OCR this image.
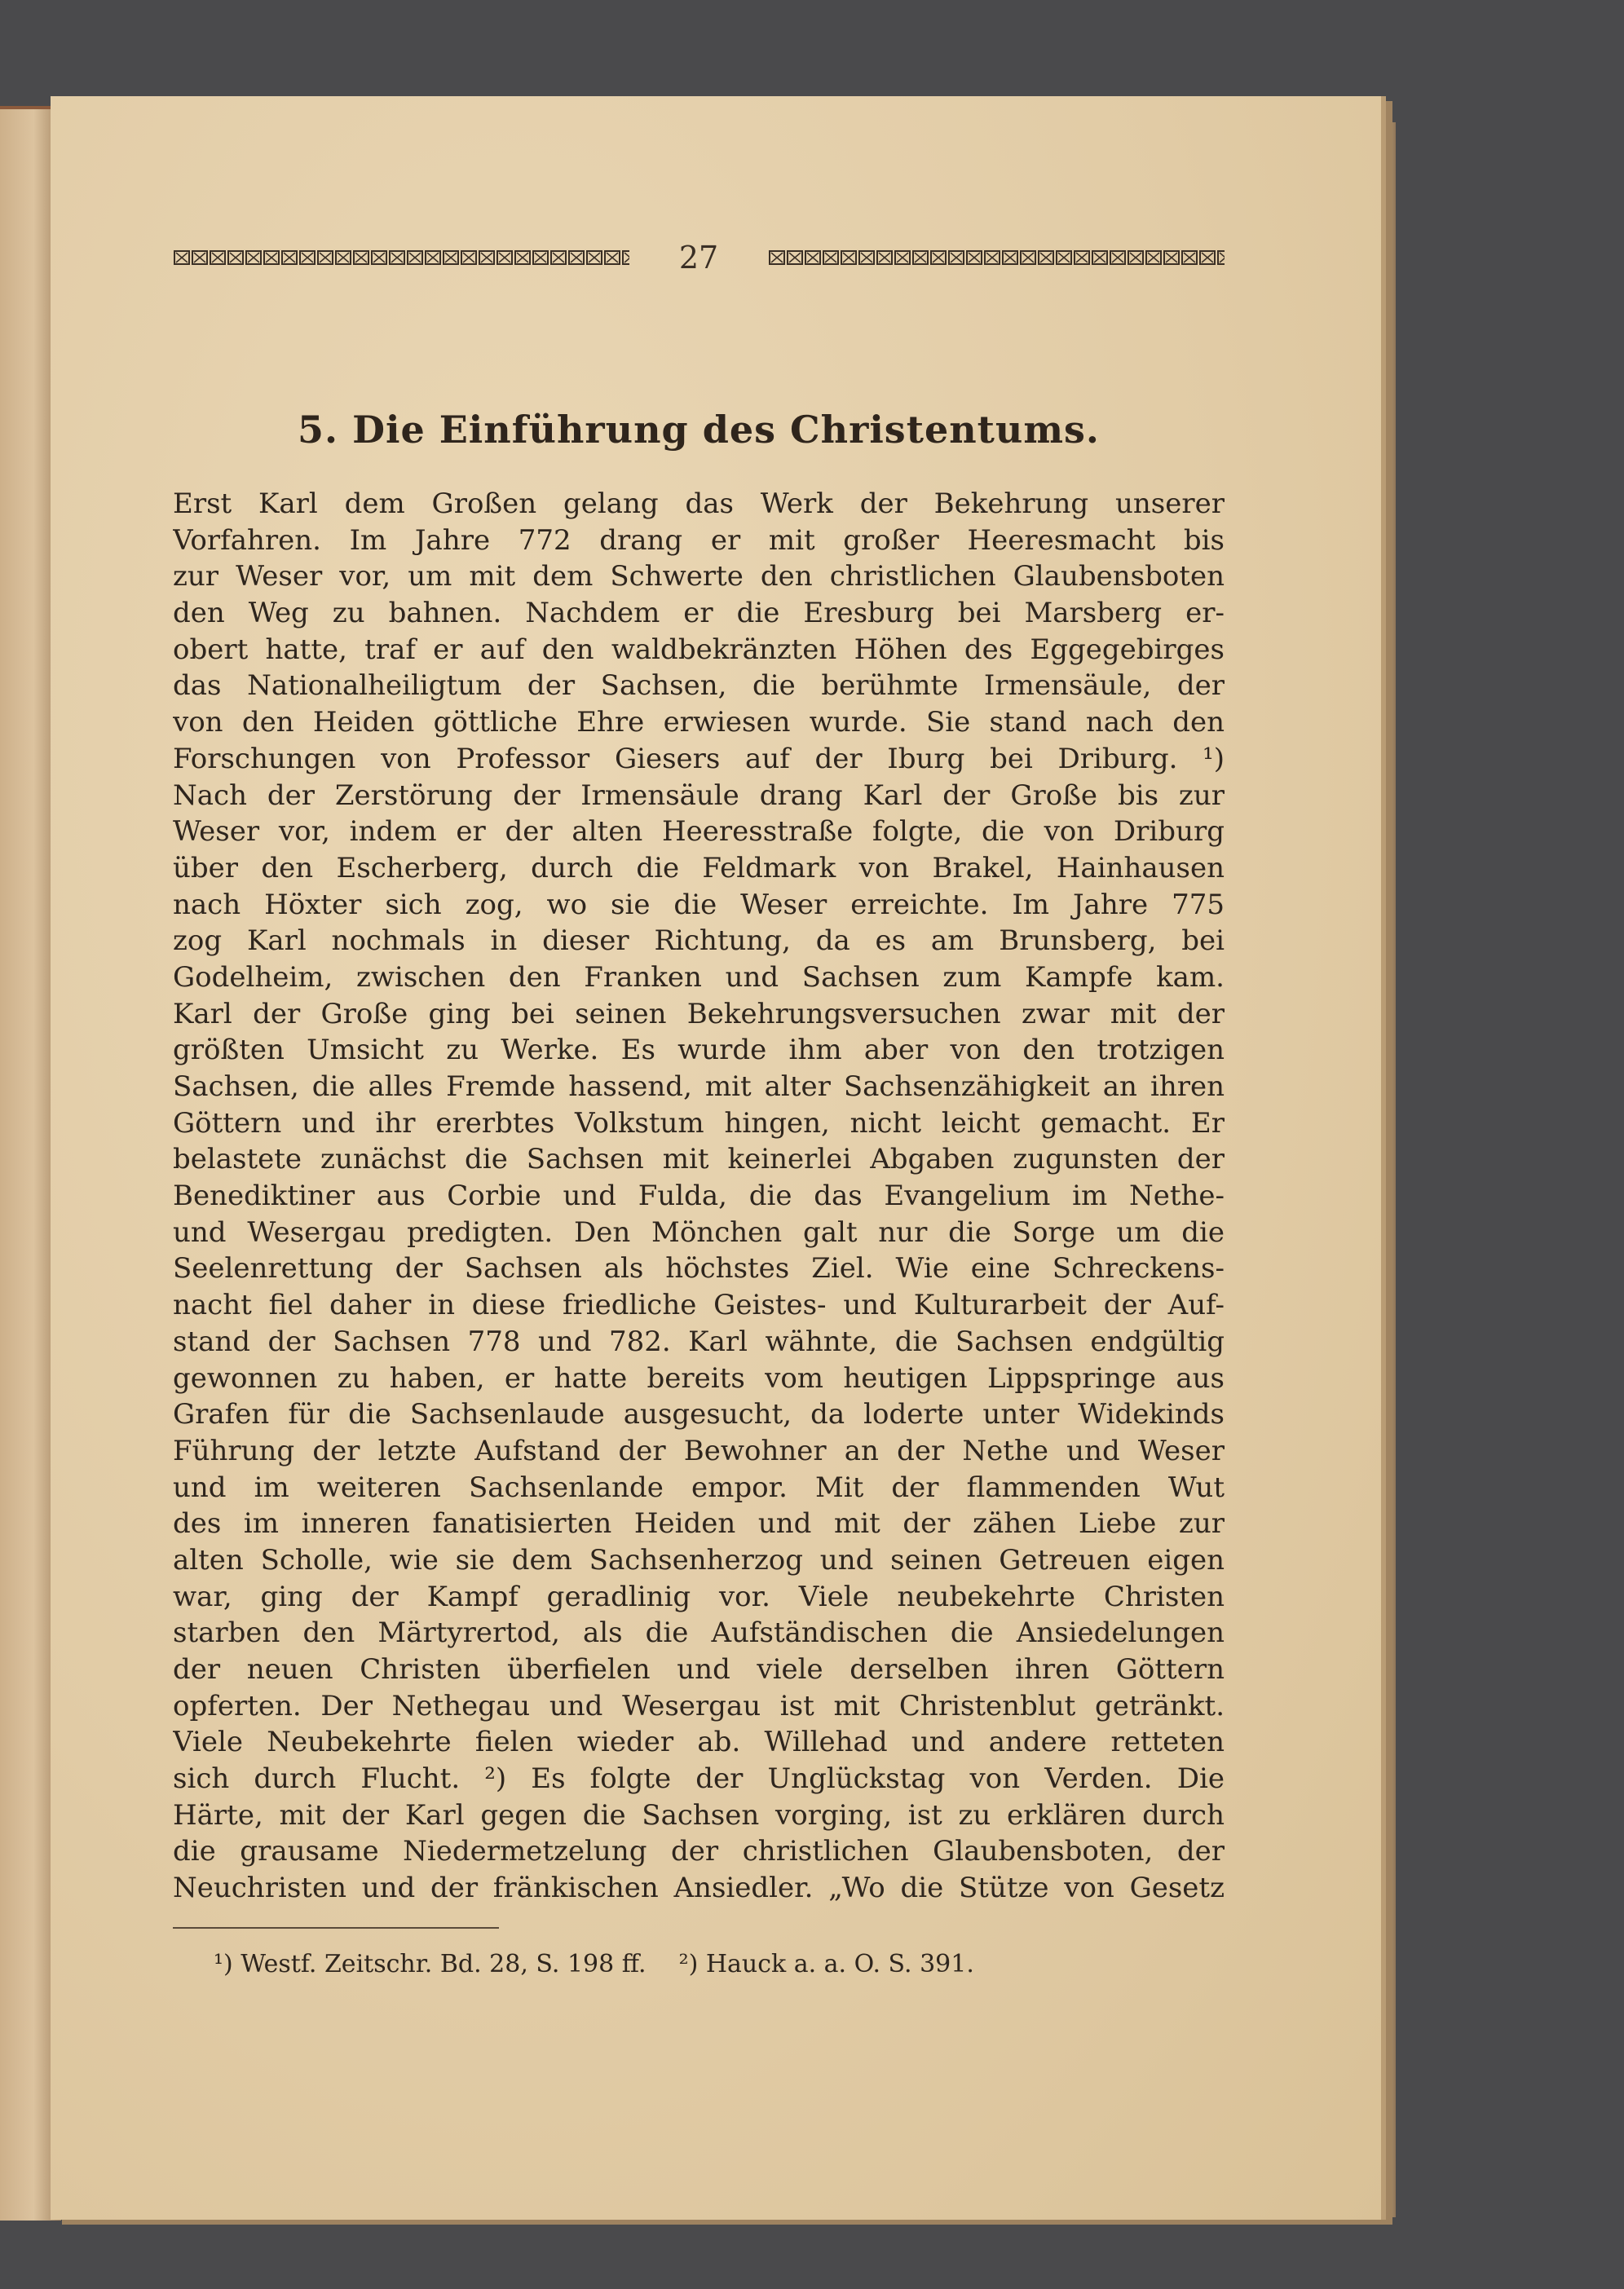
27
5. Die Einführung des Christentums.
Erst Karl dem Großen gelang das Werk der Bekehrung unserer
Vorfahren. Im Jahre 772 drang er mit großer Heeresmacht bis
zur Weser vor, um mit dem Schwerte den christlichen Glaubensboten
den Weg zu bahnen. Nachdem er die Eresburg bei Marsberg er-
obert hatte, traf er auf den waldbekränzten Höhen des Eggegebirges
das Nationalheiligtum der Sachsen, die berühmte Irmensäule, der
von den Heiden göttliche Ehre erwiesen wurde. Sie stand nach den
Forschungen von Professor Giesers auf der Iburg bei Driburg. ¹)
Nach der Zerstörung der Irmensäule drang Karl der Große bis zur
Weser vor, indem er der alten Heeresstraße folgte, die von Driburg
über den Escherberg, durch die Feldmark von Brakel, Hainhausen
nach Höxter sich zog, wo sie die Weser erreichte. Im Jahre 775
zog Karl nochmals in dieser Richtung, da es am Brunsberg, bei
Godelheim, zwischen den Franken und Sachsen zum Kampfe kam.
Karl der Große ging bei seinen Bekehrungsversuchen zwar mit der
größten Umsicht zu Werke. Es wurde ihm aber von den trotzigen
Sachsen, die alles Fremde hassend, mit alter Sachsenzähigkeit an ihren
Göttern und ihr ererbtes Volkstum hingen, nicht leicht gemacht. Er
belastete zunächst die Sachsen mit keinerlei Abgaben zugunsten der
Benediktiner aus Corbie und Fulda, die das Evangelium im Nethe-
und Wesergau predigten. Den Mönchen galt nur die Sorge um die
Seelenrettung der Sachsen als höchstes Ziel. Wie eine Schreckens-
nacht fiel daher in diese friedliche Geistes- und Kulturarbeit der Auf-
stand der Sachsen 778 und 782. Karl wähnte, die Sachsen endgültig
gewonnen zu haben, er hatte bereits vom heutigen Lippspringe aus
Grafen für die Sachsenlaude ausgesucht, da loderte unter Widekinds
Führung der letzte Aufstand der Bewohner an der Nethe und Weser
und im weiteren Sachsenlande empor. Mit der flammenden Wut
des im inneren fanatisierten Heiden und mit der zähen Liebe zur
alten Scholle, wie sie dem Sachsenherzog und seinen Getreuen eigen
war, ging der Kampf geradlinig vor. Viele neubekehrte Christen
starben den Märtyrertod, als die Aufständischen die Ansiedelungen
der neuen Christen überfielen und viele derselben ihren Göttern
opferten. Der Nethegau und Wesergau ist mit Christenblut getränkt.
Viele Neubekehrte fielen wieder ab. Willehad und andere retteten
sich durch Flucht. ²) Es folgte der Unglückstag von Verden. Die
Härte, mit der Karl gegen die Sachsen vorging, ist zu erklären durch
die grausame Niedermetzelung der christlichen Glaubensboten, der
Neuchristen und der fränkischen Ansiedler. „Wo die Stütze von Gesetz
¹) Westf. Zeitschr. Bd. 28, S. 198 ff. ²) Hauck a. a. O. S. 391.
